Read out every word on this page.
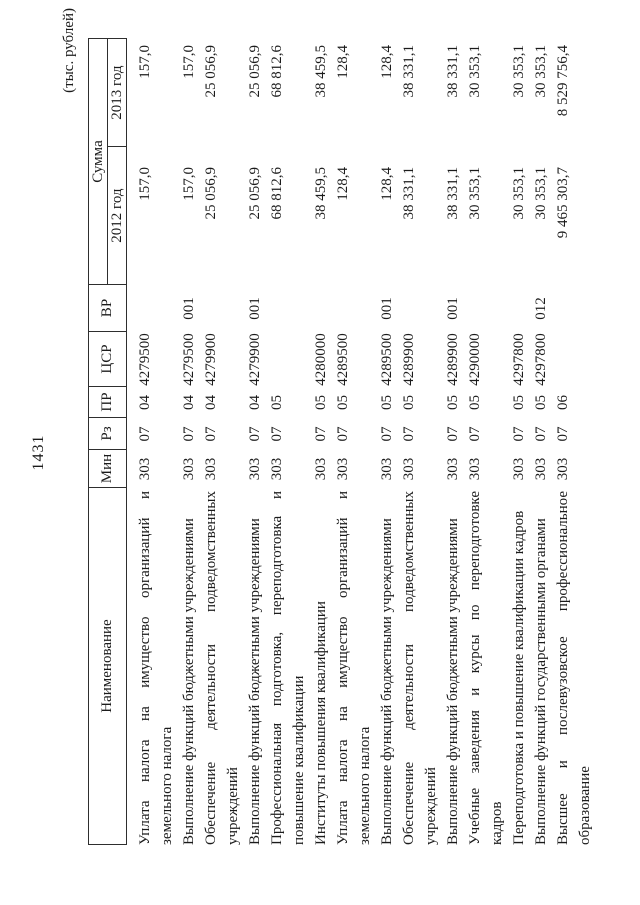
1431
(тыс. рублей)
Наименование
Мин
Рз
ПР
ЦСР
ВР
Сумма
2012 год
2013 год
Уплата налога на имущество организаций и земельного налога
303
07
04
4279500
157,0
157,0
Выполнение функций бюджетными учреждениями
303
07
04
4279500
001
157,0
157,0
Обеспечение деятельности подведомственных учреждений
303
07
04
4279900
25 056,9
25 056,9
Выполнение функций бюджетными учреждениями
303
07
04
4279900
001
25 056,9
25 056,9
Профессиональная подготовка, переподготовка и повышение квалификации
303
07
05
68 812,6
68 812,6
Институты повышения квалификации
303
07
05
4280000
38 459,5
38 459,5
Уплата налога на имущество организаций и земельного налога
303
07
05
4289500
128,4
128,4
Выполнение функций бюджетными учреждениями
303
07
05
4289500
001
128,4
128,4
Обеспечение деятельности подведомственных учреждений
303
07
05
4289900
38 331,1
38 331,1
Выполнение функций бюджетными учреждениями
303
07
05
4289900
001
38 331,1
38 331,1
Учебные заведения и курсы по переподготовке кадров
303
07
05
4290000
30 353,1
30 353,1
Переподготовка и повышение квалификации кадров
303
07
05
4297800
30 353,1
30 353,1
Выполнение функций государственными органами
303
07
05
4297800
012
30 353,1
30 353,1
Высшее и послевузовское профессиональное образование
303
07
06
9 465 303,7
8 529 756,4
